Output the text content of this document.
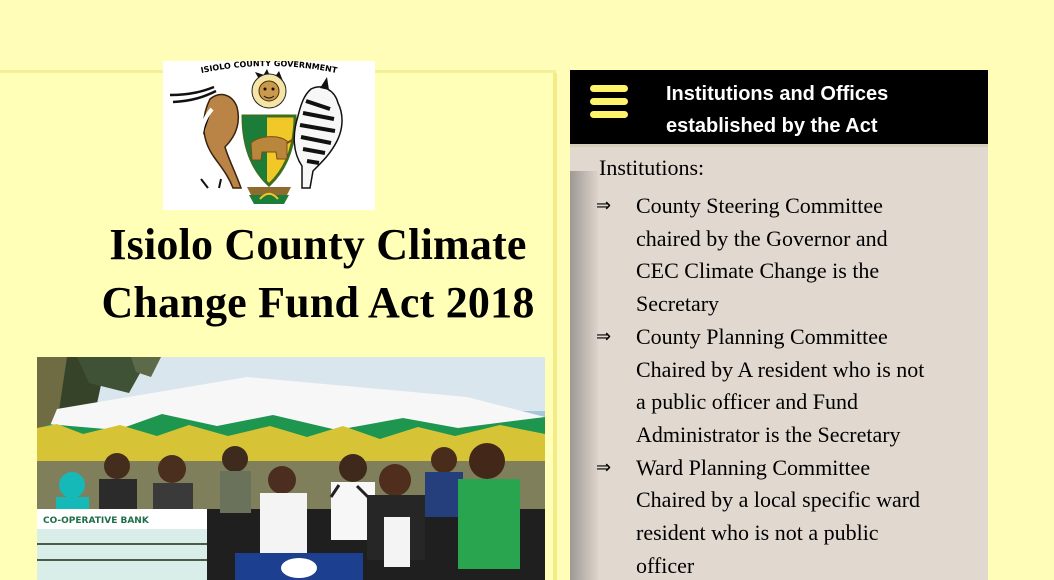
ISIOLO COUNTY GOVERNMENT
Isiolo County Climate
Change Fund Act 2018
CO-OPERATIVE BANK
Institutions and Offices
established by the Act

Institutions:

⇒	County Steering Committee
chaired by the Governor and
CEC Climate Change is the
Secretary
⇒	County Planning Committee
Chaired by A resident who is not
a public officer and Fund
Administrator is the Secretary
⇒	Ward Planning Committee
Chaired by a local specific ward
resident who is not a public
officer
